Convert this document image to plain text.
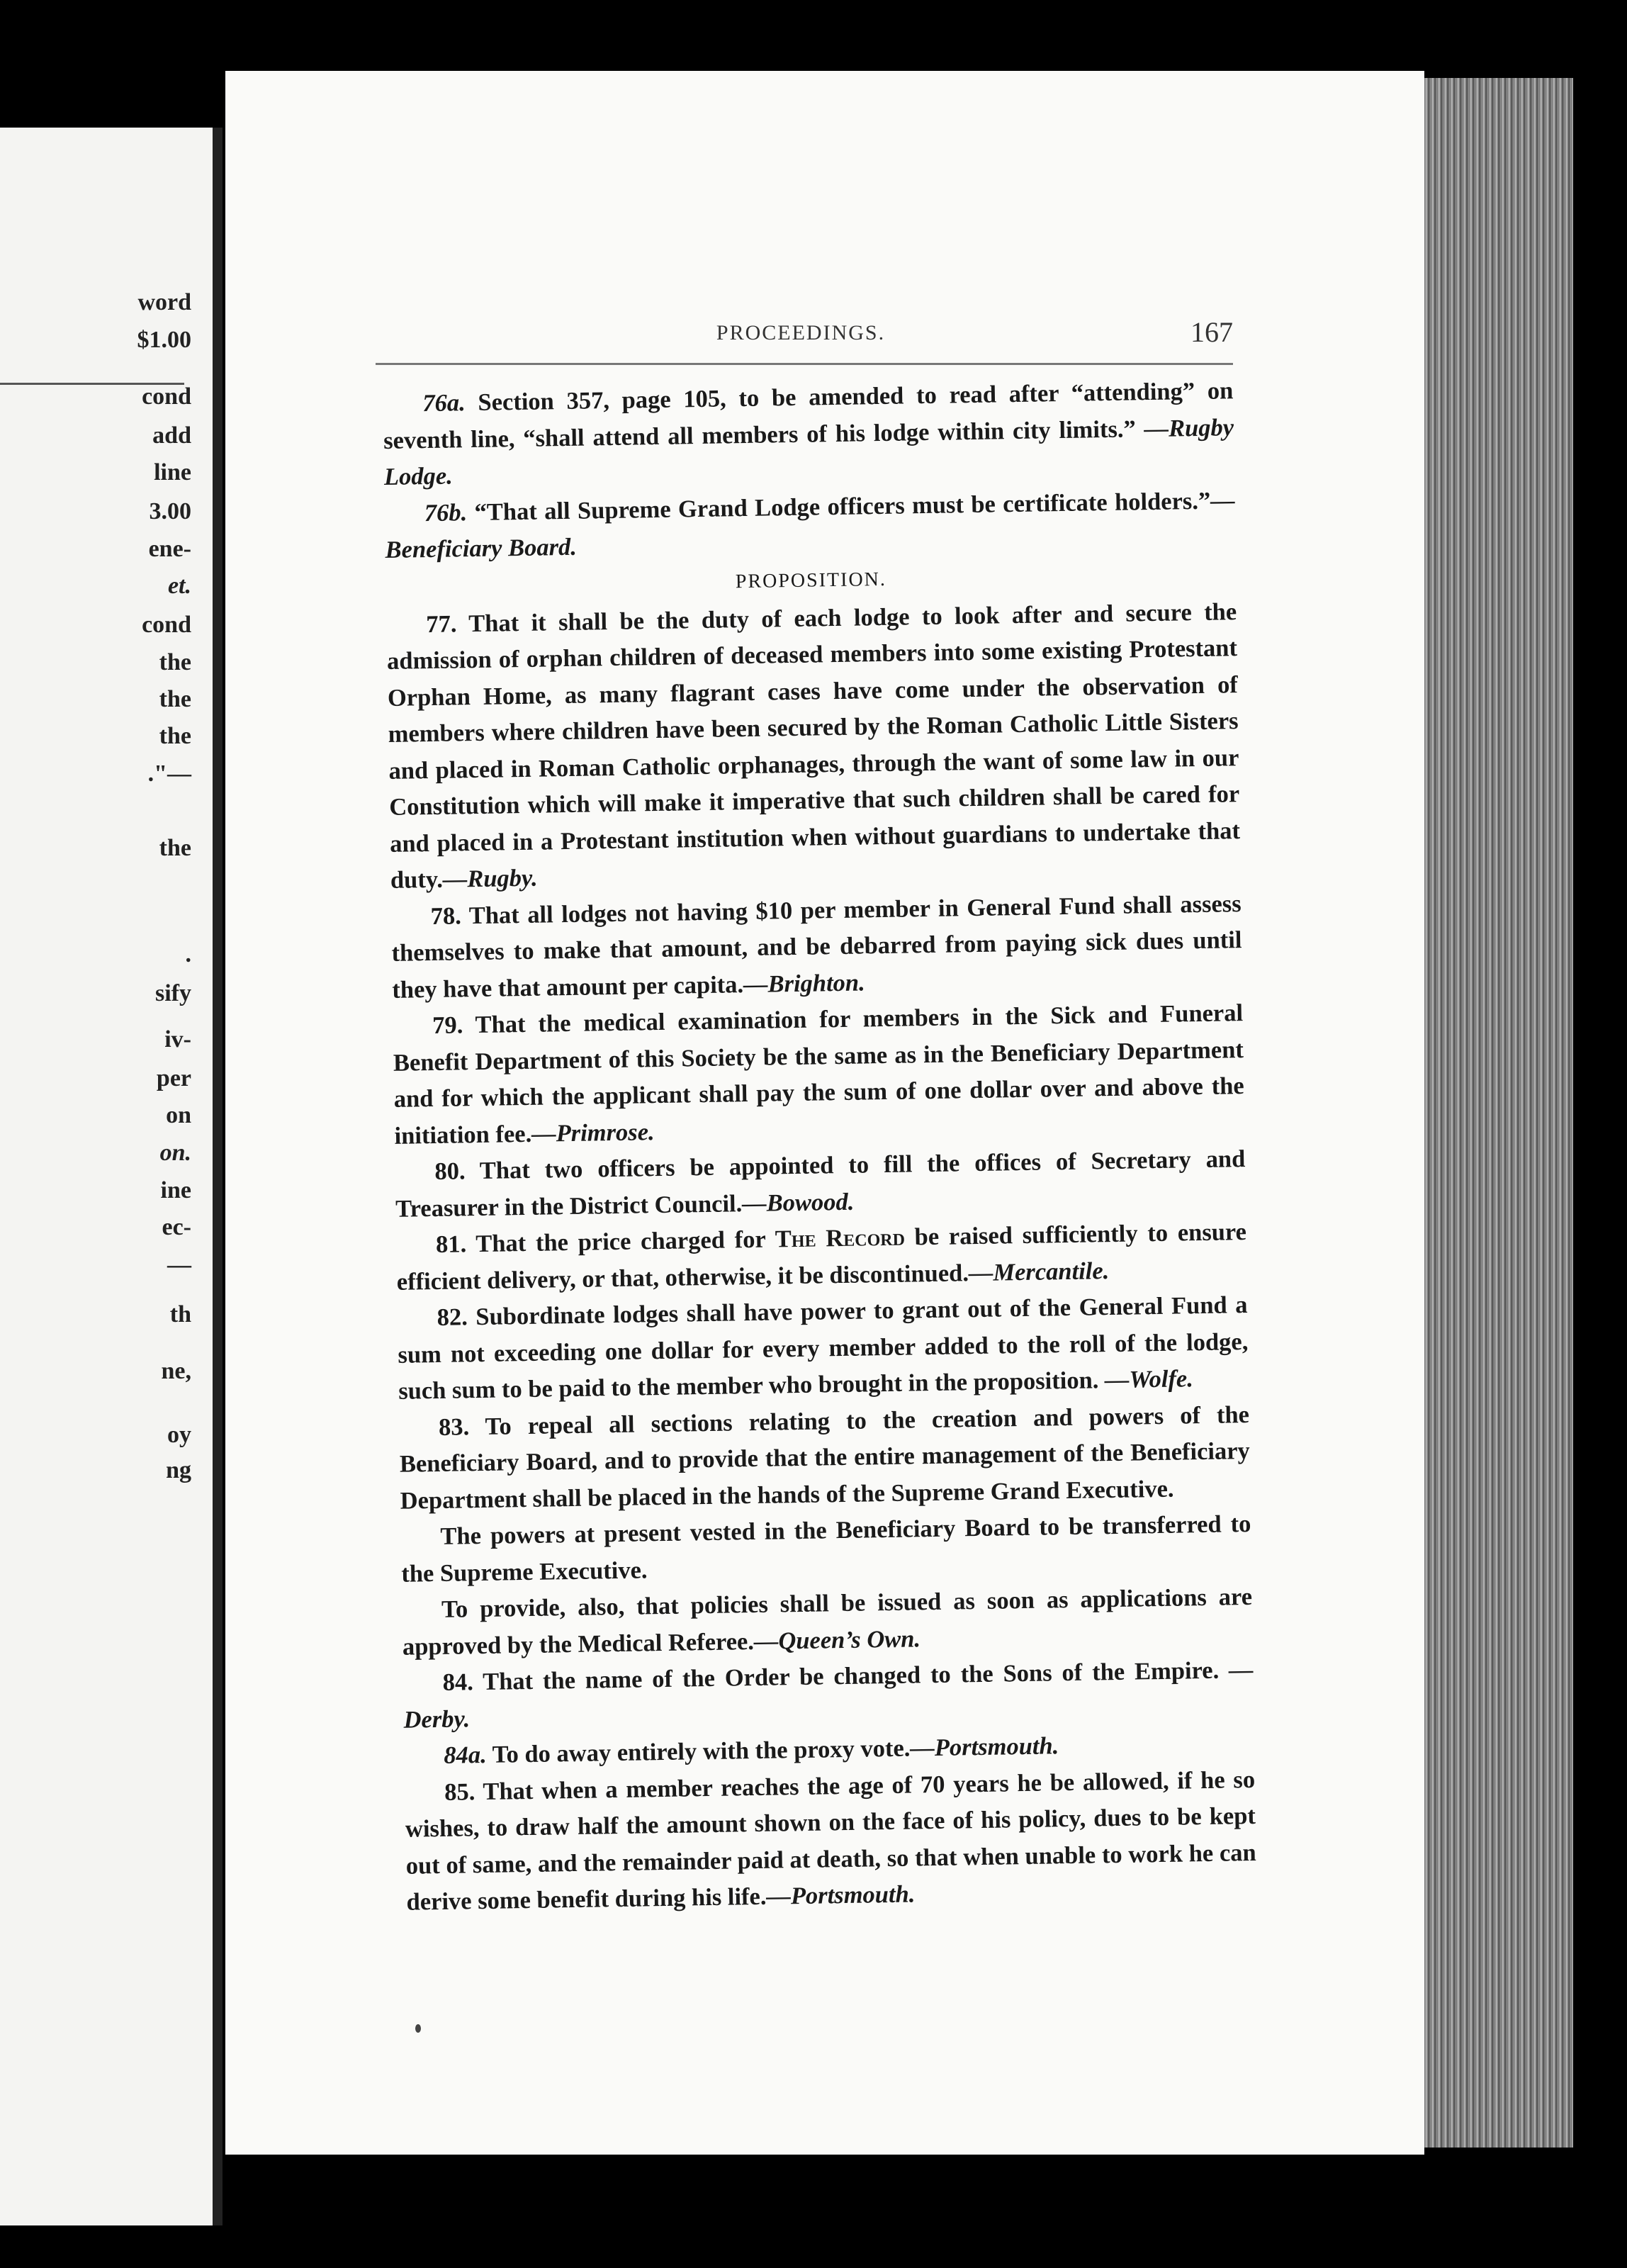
word
$1.00
cond
add
line
3.00
ene-
et.
cond
the
the
the
."—
the
.
sify
iv-
per
on
on.
ine
ec-
—
th
ne,
oy
ng
PROCEEDINGS.	167

76a. Section 357, page 105, to be amended to read after “attending” on seventh line, “shall attend all members of his lodge within city limits.” —Rugby Lodge.

76b. “That all Supreme Grand Lodge officers must be certificate holders.”—Beneficiary Board.

PROPOSITION.

77. That it shall be the duty of each lodge to look after and secure the admission of orphan children of deceased members into some existing Protestant Orphan Home, as many flagrant cases have come under the observation of members where children have been secured by the Roman Catholic Little Sisters and placed in Roman Catholic orphanages, through the want of some law in our Constitution which will make it imperative that such children shall be cared for and placed in a Protestant institution when without guardians to undertake that duty.—Rugby.

78. That all lodges not having $10 per member in General Fund shall assess themselves to make that amount, and be debarred from paying sick dues until they have that amount per capita.—Brighton.

79. That the medical examination for members in the Sick and Funeral Benefit Department of this Society be the same as in the Beneficiary Department and for which the applicant shall pay the sum of one dollar over and above the initiation fee.—Primrose.

80. That two officers be appointed to fill the offices of Secretary and Treasurer in the District Council.—Bowood.

81. That the price charged for The Record be raised sufficiently to ensure efficient delivery, or that, otherwise, it be discontinued.—Mercantile.

82. Subordinate lodges shall have power to grant out of the General Fund a sum not exceeding one dollar for every member added to the roll of the lodge, such sum to be paid to the member who brought in the proposition. —Wolfe.

83. To repeal all sections relating to the creation and powers of the Beneficiary Board, and to provide that the entire management of the Beneficiary Department shall be placed in the hands of the Supreme Grand Executive.

The powers at present vested in the Beneficiary Board to be transferred to the Supreme Executive.

To provide, also, that policies shall be issued as soon as applications are approved by the Medical Referee.—Queen’s Own.

84. That the name of the Order be changed to the Sons of the Empire. —Derby.

84a. To do away entirely with the proxy vote.—Portsmouth.

85. That when a member reaches the age of 70 years he be allowed, if he so wishes, to draw half the amount shown on the face of his policy, dues to be kept out of same, and the remainder paid at death, so that when unable to work he can derive some benefit during his life.—Portsmouth.
